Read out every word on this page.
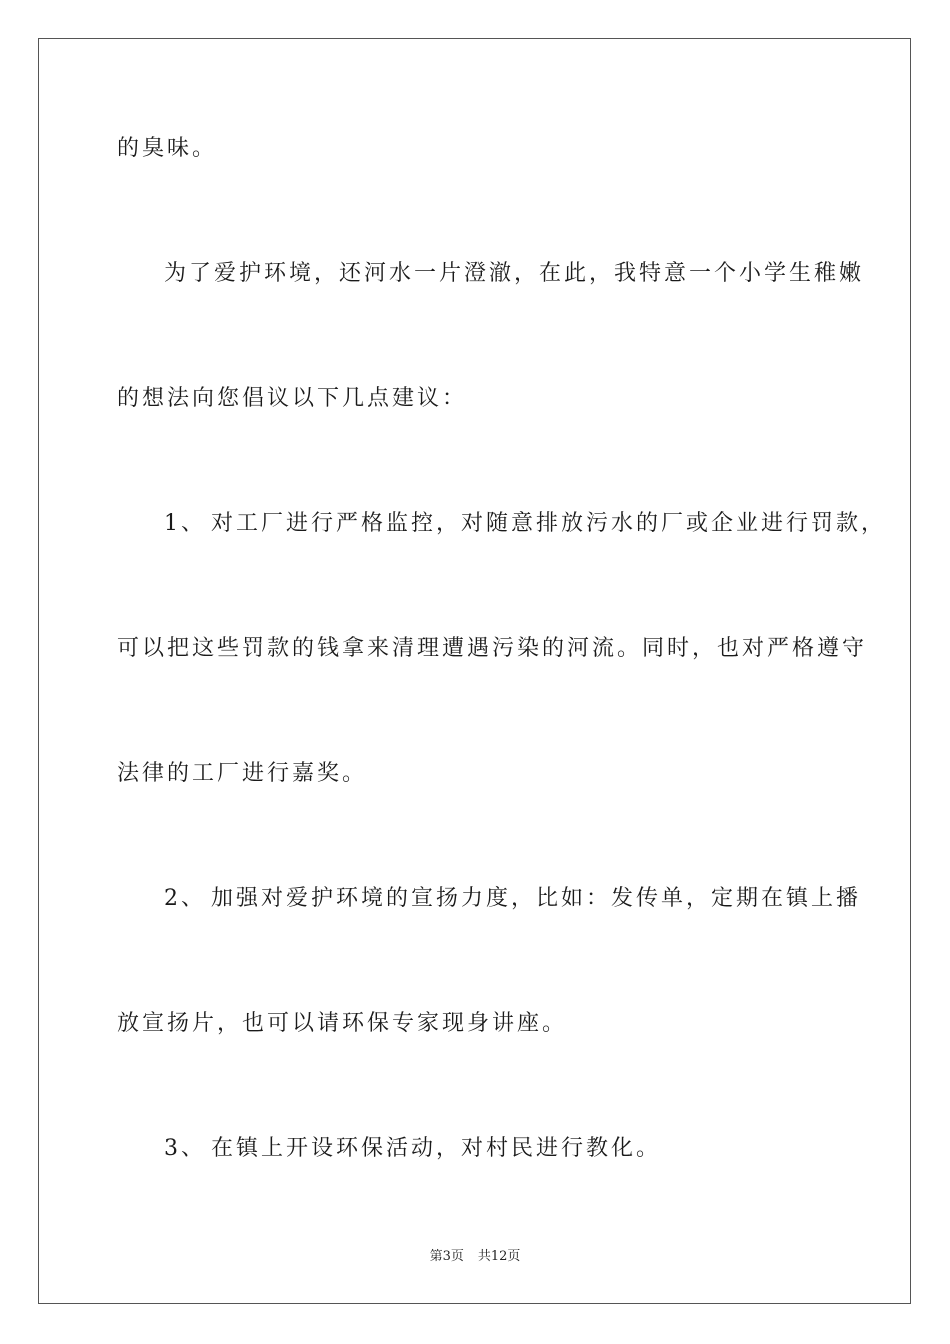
的臭味。
为了爱护环境，还河水一片澄澈，在此，我特意一个小学生稚嫩
的想法向您倡议以下几点建议：
1、 对工厂进行严格监控，对随意排放污水的厂或企业进行罚款，
可以把这些罚款的钱拿来清理遭遇污染的河流。同时，也对严格遵守
法律的工厂进行嘉奖。
2、 加强对爱护环境的宣扬力度，比如：发传单，定期在镇上播
放宣扬片，也可以请环保专家现身讲座。
3、 在镇上开设环保活动，对村民进行教化。
第3页 共12页
